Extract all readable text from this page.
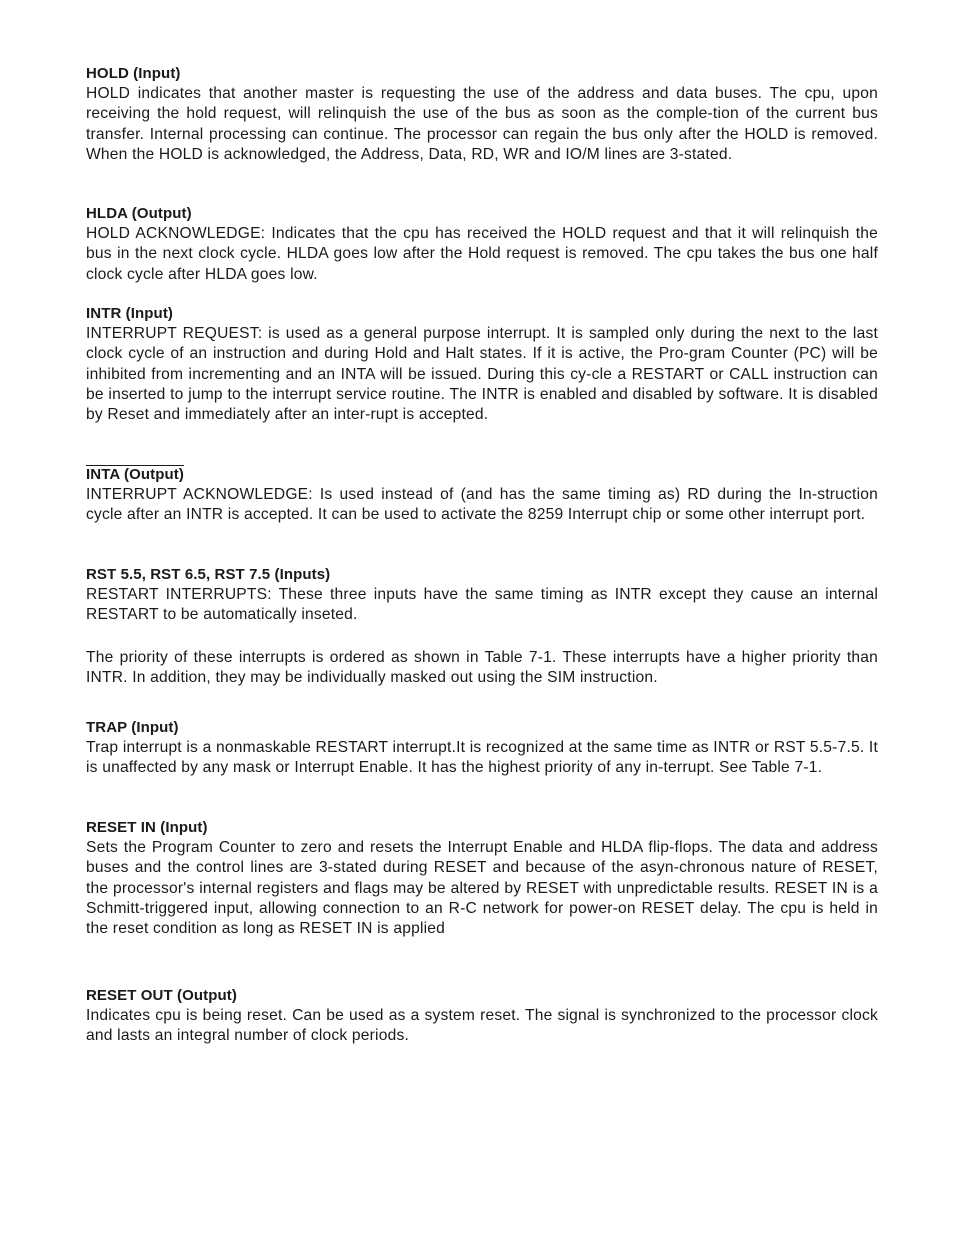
HOLD (Input)
HOLD indicates that another master is requesting the use of the address and data buses. The cpu, upon receiving the hold request, will relinquish the use of the bus as soon as the comple-tion of the current bus transfer. Internal processing can continue. The processor can regain the bus only after the HOLD is removed. When the HOLD is acknowledged, the Address, Data, RD, WR and IO/M lines are 3-stated.
HLDA (Output)
HOLD ACKNOWLEDGE: Indicates that the cpu has received the HOLD request and that it will relinquish the bus in the next clock cycle. HLDA goes low after the Hold request is removed. The cpu takes the bus one half clock cycle after HLDA goes low.
INTR (Input)
INTERRUPT REQUEST: is used as a general purpose interrupt. It is sampled only during the next to the last clock cycle of an instruction and during Hold and Halt states. If it is active, the Pro-gram Counter (PC) will be inhibited from incrementing and an INTA will be issued. During this cy-cle a RESTART or CALL instruction can be inserted to jump to the interrupt service routine. The INTR is enabled and disabled by software. It is disabled by Reset and immediately after an inter-rupt is accepted.
INTA (Output)
INTERRUPT ACKNOWLEDGE: Is used instead of (and has the same timing as) RD during the In-struction cycle after an INTR is accepted. It can be used to activate the 8259 Interrupt chip or some other interrupt port.
RST 5.5, RST 6.5, RST 7.5 (Inputs)
RESTART INTERRUPTS: These three inputs have the same timing as INTR except they cause an internal RESTART to be automatically inseted.
The priority of these interrupts is ordered as shown in Table 7-1. These interrupts have a higher priority than INTR. In addition, they may be individually masked out using the SIM instruction.
TRAP (Input)
Trap interrupt is a nonmaskable RESTART interrupt.It is recognized at the same time as INTR or RST 5.5-7.5. It is unaffected by any mask or Interrupt Enable. It has the highest priority of any in-terrupt. See Table 7-1.
RESET IN (Input)
Sets the Program Counter to zero and resets the Interrupt Enable and HLDA flip-flops. The data and address buses and the control lines are 3-stated during RESET and because of the asyn-chronous nature of RESET, the processor's internal registers and flags may be altered by RESET with unpredictable results. RESET IN is a Schmitt-triggered input, allowing connection to an R-C network for power-on RESET delay. The cpu is held in the reset condition as long as RESET IN is applied
RESET OUT (Output)
Indicates cpu is being reset. Can be used as a system reset. The signal is synchronized to the processor clock and lasts an integral number of clock periods.
